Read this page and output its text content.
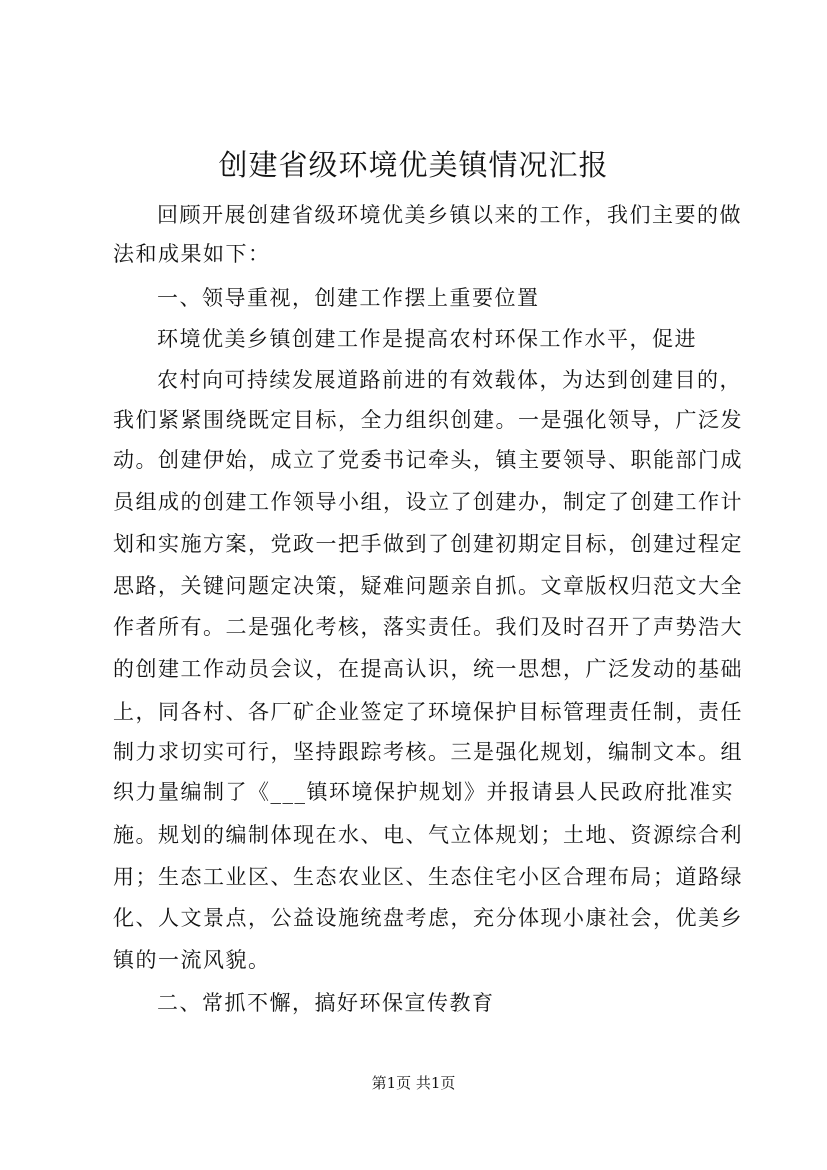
创建省级环境优美镇情况汇报
回顾开展创建省级环境优美乡镇以来的工作，我们主要的做
法和成果如下：
一、领导重视，创建工作摆上重要位置
环境优美乡镇创建工作是提高农村环保工作水平，促进
农村向可持续发展道路前进的有效载体，为达到创建目的，
我们紧紧围绕既定目标，全力组织创建。一是强化领导，广泛发
动。创建伊始，成立了党委书记牵头，镇主要领导、职能部门成
员组成的创建工作领导小组，设立了创建办，制定了创建工作计
划和实施方案，党政一把手做到了创建初期定目标，创建过程定
思路，关键问题定决策，疑难问题亲自抓。文章版权归范文大全
作者所有。二是强化考核，落实责任。我们及时召开了声势浩大
的创建工作动员会议，在提高认识，统一思想，广泛发动的基础
上，同各村、各厂矿企业签定了环境保护目标管理责任制，责任
制力求切实可行，坚持跟踪考核。三是强化规划，编制文本。组
织力量编制了《___镇环境保护规划》并报请县人民政府批准实
施。规划的编制体现在水、电、气立体规划；土地、资源综合利
用；生态工业区、生态农业区、生态住宅小区合理布局；道路绿
化、人文景点，公益设施统盘考虑，充分体现小康社会，优美乡
镇的一流风貌。
二、常抓不懈，搞好环保宣传教育
第1页 共1页
